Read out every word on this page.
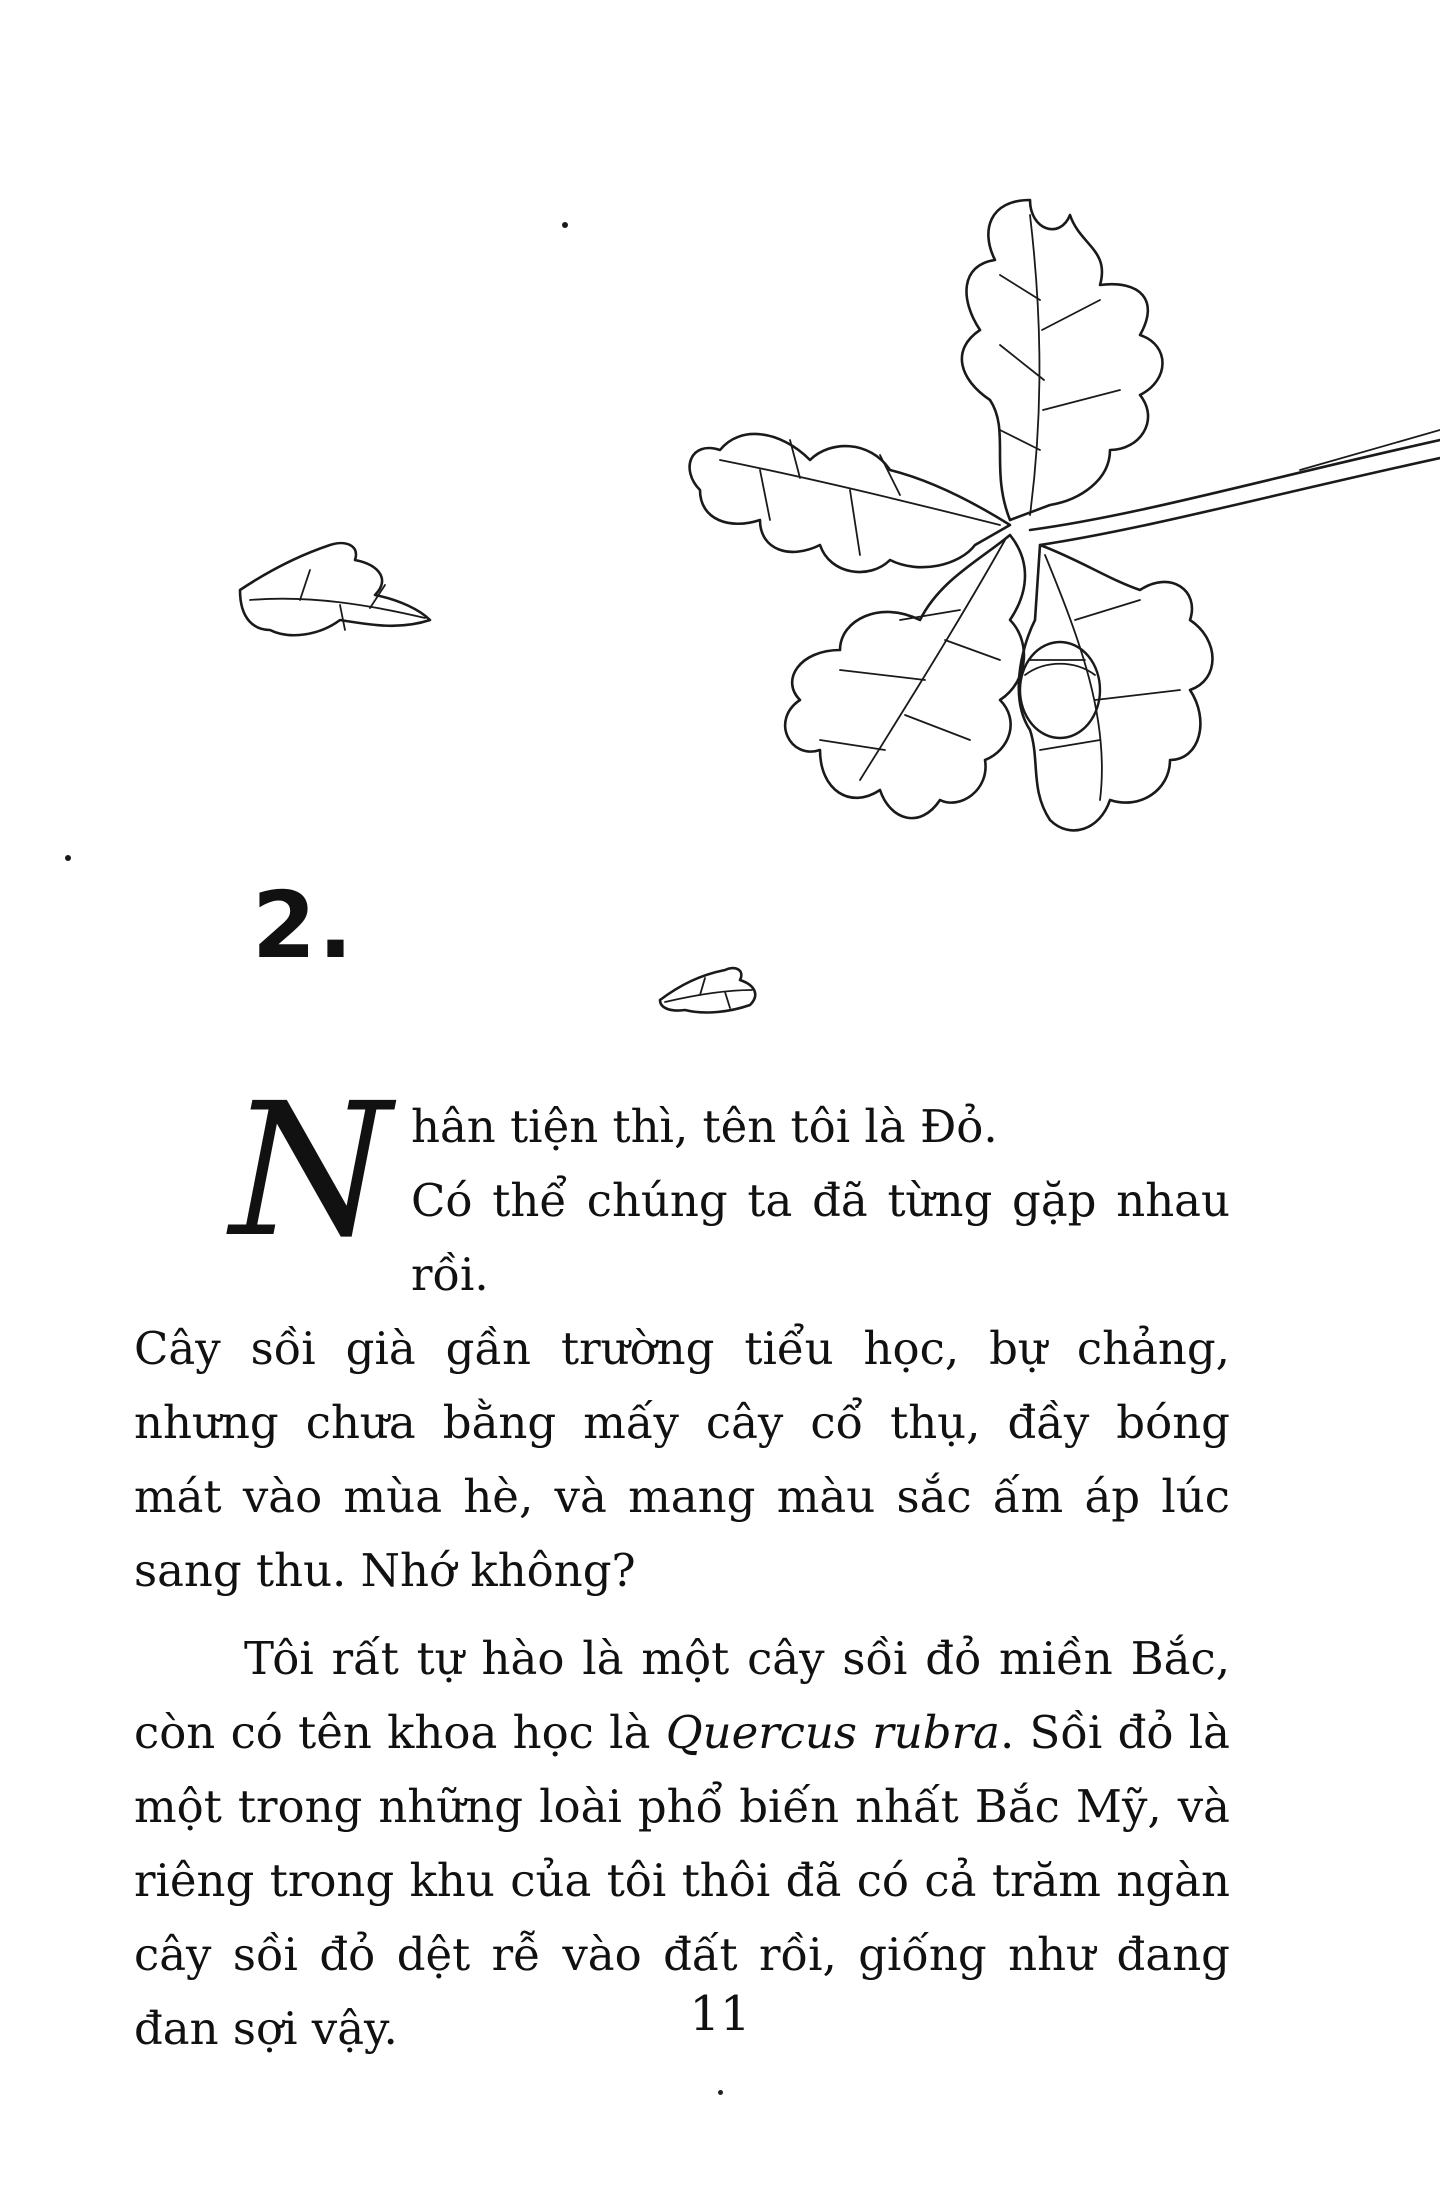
2.

N hân tiện thì, tên tôi là Đỏ.
Có thể chúng ta đã từng gặp nhau rồi.
Cây sồi già gần trường tiểu học, bự chảng, nhưng chưa bằng mấy cây cổ thụ, đầy bóng mát vào mùa hè, và mang màu sắc ấm áp lúc sang thu. Nhớ không?

Tôi rất tự hào là một cây sồi đỏ miền Bắc, còn có tên khoa học là Quercus rubra. Sồi đỏ là một trong những loài phổ biến nhất Bắc Mỹ, và riêng trong khu của tôi thôi đã có cả trăm ngàn cây sồi đỏ dệt rễ vào đất rồi, giống như đang đan sợi vậy.	11
